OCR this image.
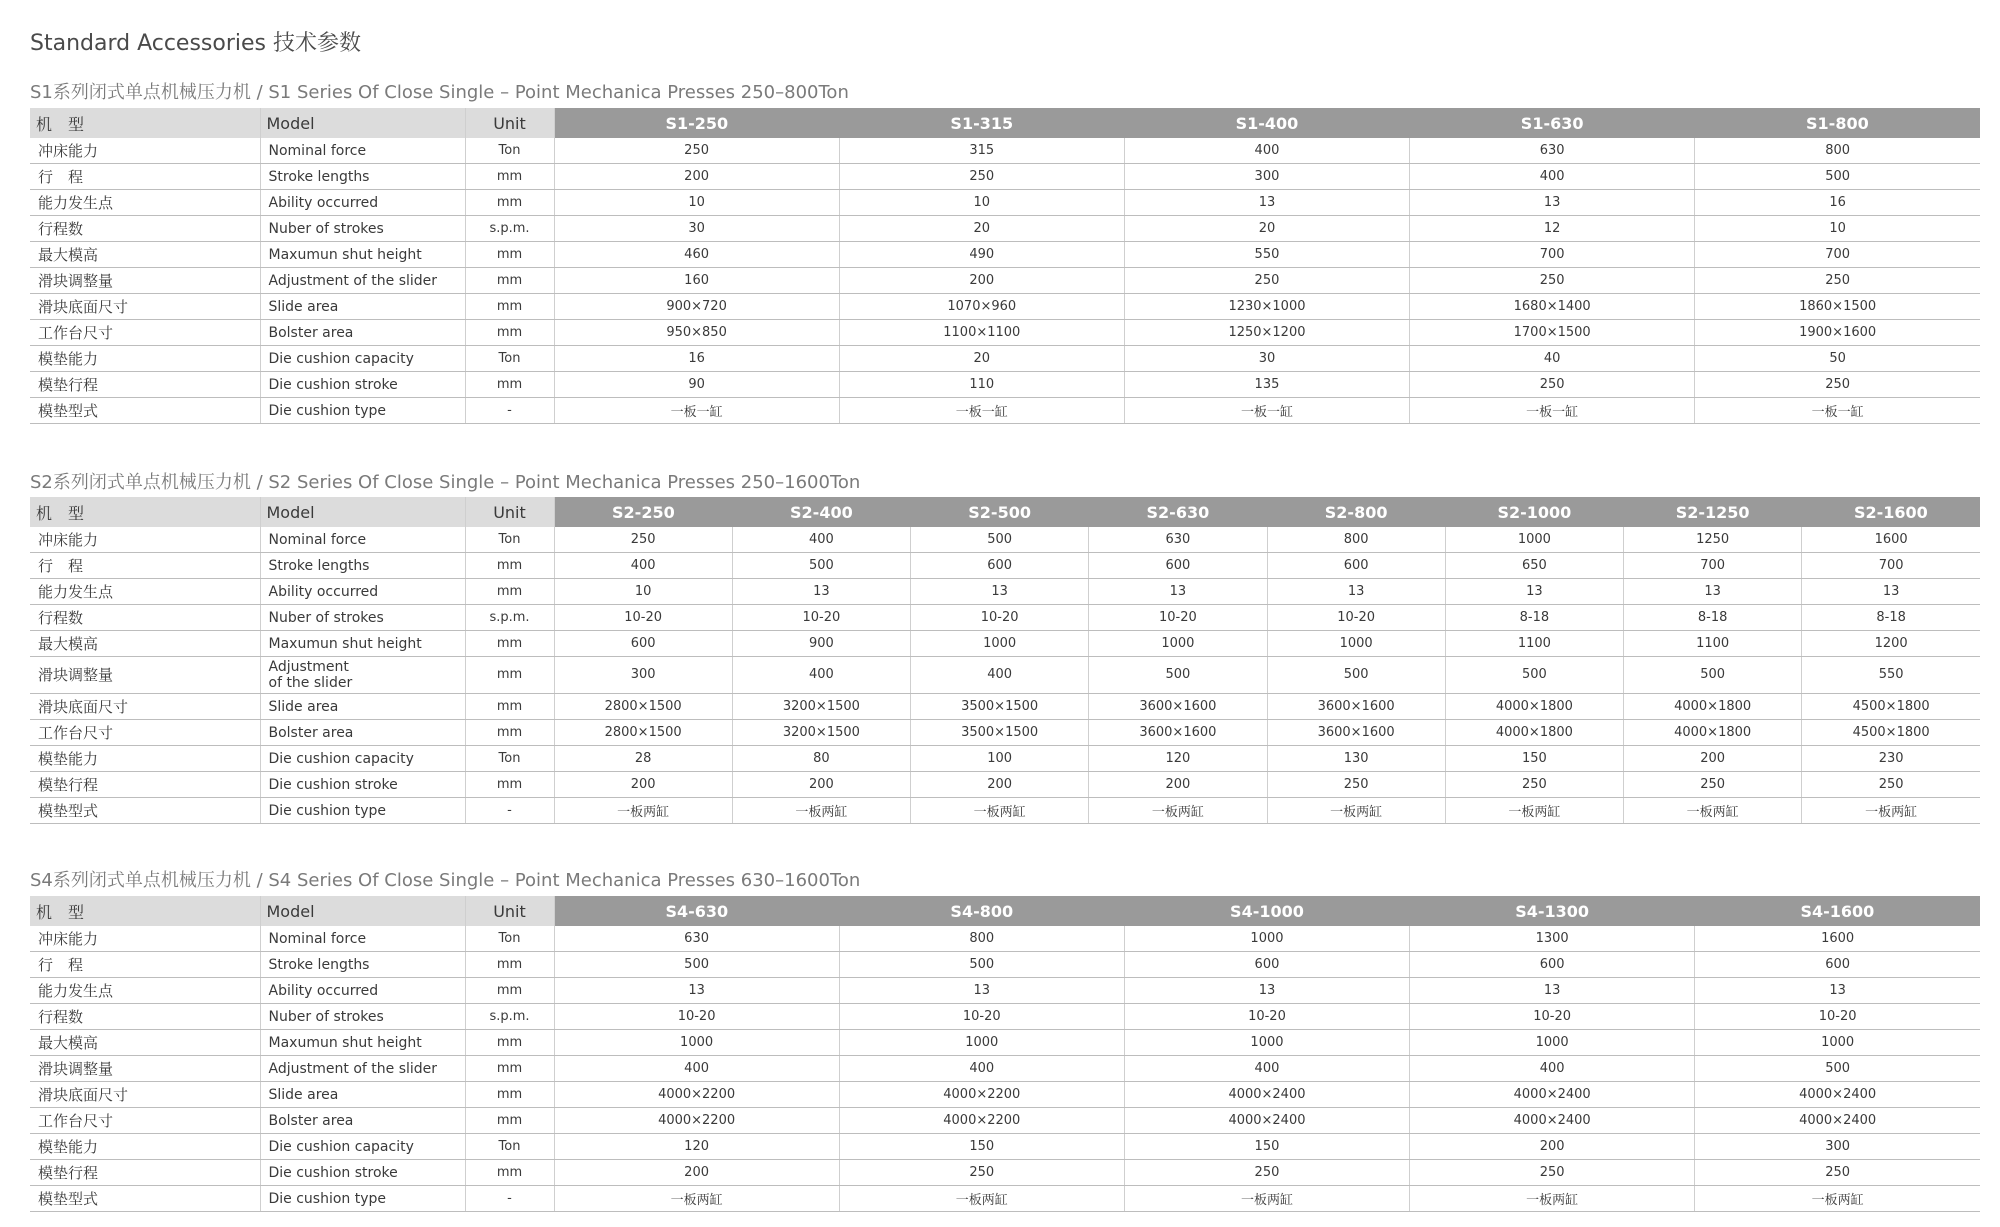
Standard Accessories 技术参数
S1系列闭式单点机械压力机 / S1 Series Of Close Single – Point Mechanica Presses 250–800Ton
机　型	Model	Unit	S1-250	S1-315	S1-400	S1-630	S1-800
冲床能力	Nominal force	Ton	250	315	400	630	800
行　程	Stroke lengths	mm	200	250	300	400	500
能力发生点	Ability occurred	mm	10	10	13	13	16
行程数	Nuber of strokes	s.p.m.	30	20	20	12	10
最大模高	Maxumun shut height	mm	460	490	550	700	700
滑块调整量	Adjustment of the slider	mm	160	200	250	250	250
滑块底面尺寸	Slide area	mm	900×720	1070×960	1230×1000	1680×1400	1860×1500
工作台尺寸	Bolster area	mm	950×850	1100×1100	1250×1200	1700×1500	1900×1600
模垫能力	Die cushion capacity	Ton	16	20	30	40	50
模垫行程	Die cushion stroke	mm	90	110	135	250	250
模垫型式	Die cushion type	-	一板一缸	一板一缸	一板一缸	一板一缸	一板一缸
S2系列闭式单点机械压力机 / S2 Series Of Close Single – Point Mechanica Presses 250–1600Ton
机　型	Model	Unit	S2-250	S2-400	S2-500	S2-630	S2-800	S2-1000	S2-1250	S2-1600
冲床能力	Nominal force	Ton	250	400	500	630	800	1000	1250	1600
行　程	Stroke lengths	mm	400	500	600	600	600	650	700	700
能力发生点	Ability occurred	mm	10	13	13	13	13	13	13	13
行程数	Nuber of strokes	s.p.m.	10-20	10-20	10-20	10-20	10-20	8-18	8-18	8-18
最大模高	Maxumun shut height	mm	600	900	1000	1000	1000	1100	1100	1200
滑块调整量	Adjustment
of the slider	mm	300	400	400	500	500	500	500	550
滑块底面尺寸	Slide area	mm	2800×1500	3200×1500	3500×1500	3600×1600	3600×1600	4000×1800	4000×1800	4500×1800
工作台尺寸	Bolster area	mm	2800×1500	3200×1500	3500×1500	3600×1600	3600×1600	4000×1800	4000×1800	4500×1800
模垫能力	Die cushion capacity	Ton	28	80	100	120	130	150	200	230
模垫行程	Die cushion stroke	mm	200	200	200	200	250	250	250	250
模垫型式	Die cushion type	-	一板两缸	一板两缸	一板两缸	一板两缸	一板两缸	一板两缸	一板两缸	一板两缸
S4系列闭式单点机械压力机 / S4 Series Of Close Single – Point Mechanica Presses 630–1600Ton
机　型	Model	Unit	S4-630	S4-800	S4-1000	S4-1300	S4-1600
冲床能力	Nominal force	Ton	630	800	1000	1300	1600
行　程	Stroke lengths	mm	500	500	600	600	600
能力发生点	Ability occurred	mm	13	13	13	13	13
行程数	Nuber of strokes	s.p.m.	10-20	10-20	10-20	10-20	10-20
最大模高	Maxumun shut height	mm	1000	1000	1000	1000	1000
滑块调整量	Adjustment of the slider	mm	400	400	400	400	500
滑块底面尺寸	Slide area	mm	4000×2200	4000×2200	4000×2400	4000×2400	4000×2400
工作台尺寸	Bolster area	mm	4000×2200	4000×2200	4000×2400	4000×2400	4000×2400
模垫能力	Die cushion capacity	Ton	120	150	150	200	300
模垫行程	Die cushion stroke	mm	200	250	250	250	250
模垫型式	Die cushion type	-	一板两缸	一板两缸	一板两缸	一板两缸	一板两缸
